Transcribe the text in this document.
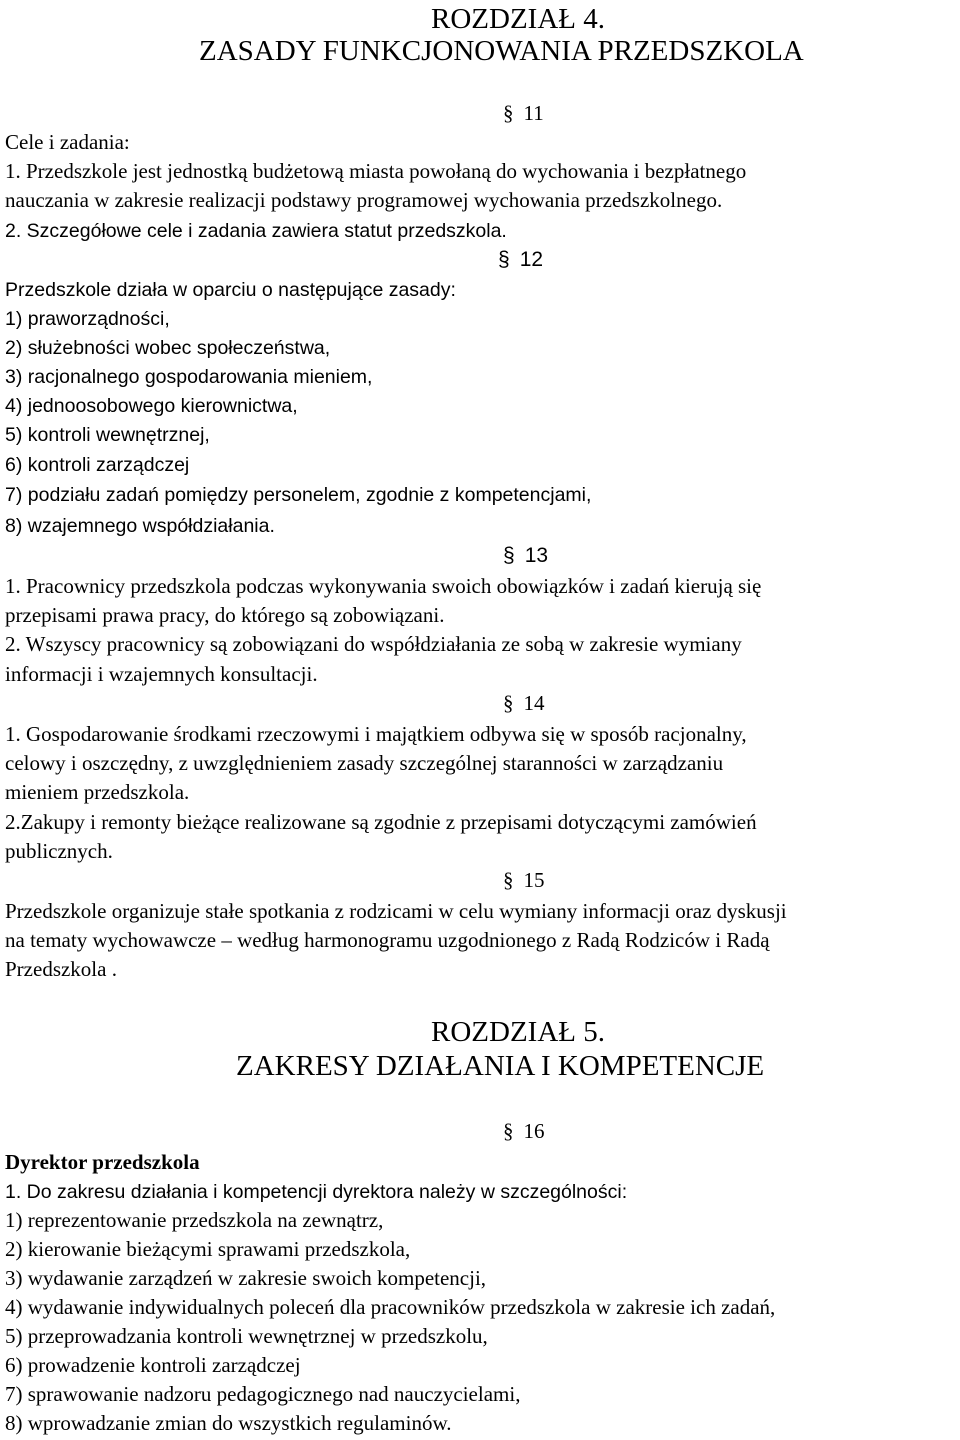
ROZDZIAŁ 4.
ZASADY FUNKCJONOWANIA PRZEDSZKOLA
§ 11
Cele i zadania:
1. Przedszkole jest jednostką budżetową miasta powołaną do wychowania i bezpłatnego
nauczania w zakresie realizacji podstawy programowej wychowania przedszkolnego.
2. Szczegółowe cele i zadania zawiera statut przedszkola.
§ 12
Przedszkole działa w oparciu o następujące zasady:
1) praworządności,
2) służebności wobec społeczeństwa,
3) racjonalnego gospodarowania mieniem,
4) jednoosobowego kierownictwa,
5) kontroli wewnętrznej,
6) kontroli zarządczej
7) podziału zadań pomiędzy personelem, zgodnie z kompetencjami,
8) wzajemnego współdziałania.
§ 13
1. Pracownicy przedszkola podczas wykonywania swoich obowiązków i zadań kierują się
przepisami prawa pracy, do którego są zobowiązani.
2. Wszyscy pracownicy są zobowiązani do współdziałania ze sobą w zakresie wymiany
informacji i wzajemnych konsultacji.
§ 14
1. Gospodarowanie środkami rzeczowymi i majątkiem odbywa się w sposób racjonalny,
celowy i oszczędny, z uwzględnieniem zasady szczególnej staranności w zarządzaniu
mieniem przedszkola.
2.Zakupy i remonty bieżące realizowane są zgodnie z przepisami dotyczącymi zamówień
publicznych.
§ 15
Przedszkole organizuje stałe spotkania z rodzicami w celu wymiany informacji oraz dyskusji
na tematy wychowawcze – według harmonogramu uzgodnionego z Radą Rodziców i Radą
Przedszkola .
ROZDZIAŁ 5.
ZAKRESY DZIAŁANIA I KOMPETENCJE
§ 16
Dyrektor przedszkola
1. Do zakresu działania i kompetencji dyrektora należy w szczególności:
1) reprezentowanie przedszkola na zewnątrz,
2) kierowanie bieżącymi sprawami przedszkola,
3) wydawanie zarządzeń w zakresie swoich kompetencji,
4) wydawanie indywidualnych poleceń dla pracowników przedszkola w zakresie ich zadań,
5) przeprowadzania kontroli wewnętrznej w przedszkolu,
6) prowadzenie kontroli zarządczej
7) sprawowanie nadzoru pedagogicznego nad nauczycielami,
8) wprowadzanie zmian do wszystkich regulaminów.
